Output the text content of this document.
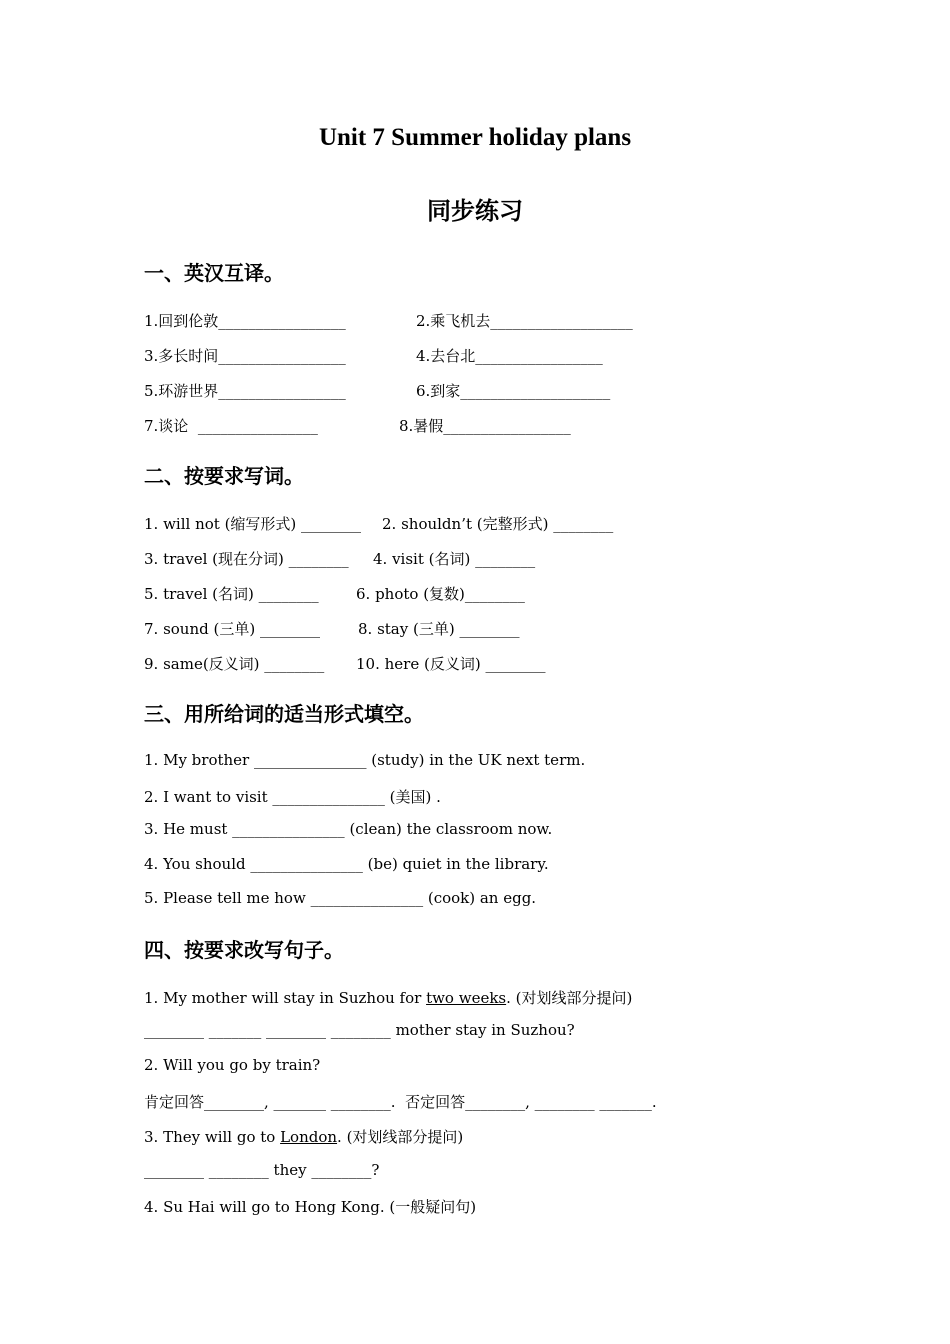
Unit 7 Summer holiday plans
同步练习
一、英汉互译。
1.回到伦敦_________________	2.乘飞机去___________________
3.多长时间_________________	4.去台北_________________
5.环游世界_________________	6.到家____________________
7.谈论  ________________	8.暑假_________________
二、按要求写词。
1. will not (缩写形式) ________ 2. shouldn’t (完整形式) ________
3. travel (现在分词) ________ 4. visit (名词) ________
5. travel (名词) ________ 6. photo (复数)________
7. sound (三单) ________	8. stay (三单) ________
9. same(反义词) ________ 10. here (反义词) ________
三、用所给词的适当形式填空。
1. My brother _______________ (study) in the UK next term.
2. I want to visit _______________ (美国) .
3. He must _______________ (clean) the classroom now.
4. You should _______________ (be) quiet in the library.
5. Please tell me how _______________ (cook) an egg.
四、按要求改写句子。
1. My mother will stay in Suzhou for two weeks. (对划线部分提问)
________ _______ ________ ________ mother stay in Suzhou?
2. Will you go by train?
肯定回答________, _______ ________.  否定回答________, ________ _______.
3. They will go to London. (对划线部分提问)
________ ________ they ________?
4. Su Hai will go to Hong Kong. (一般疑问句)
